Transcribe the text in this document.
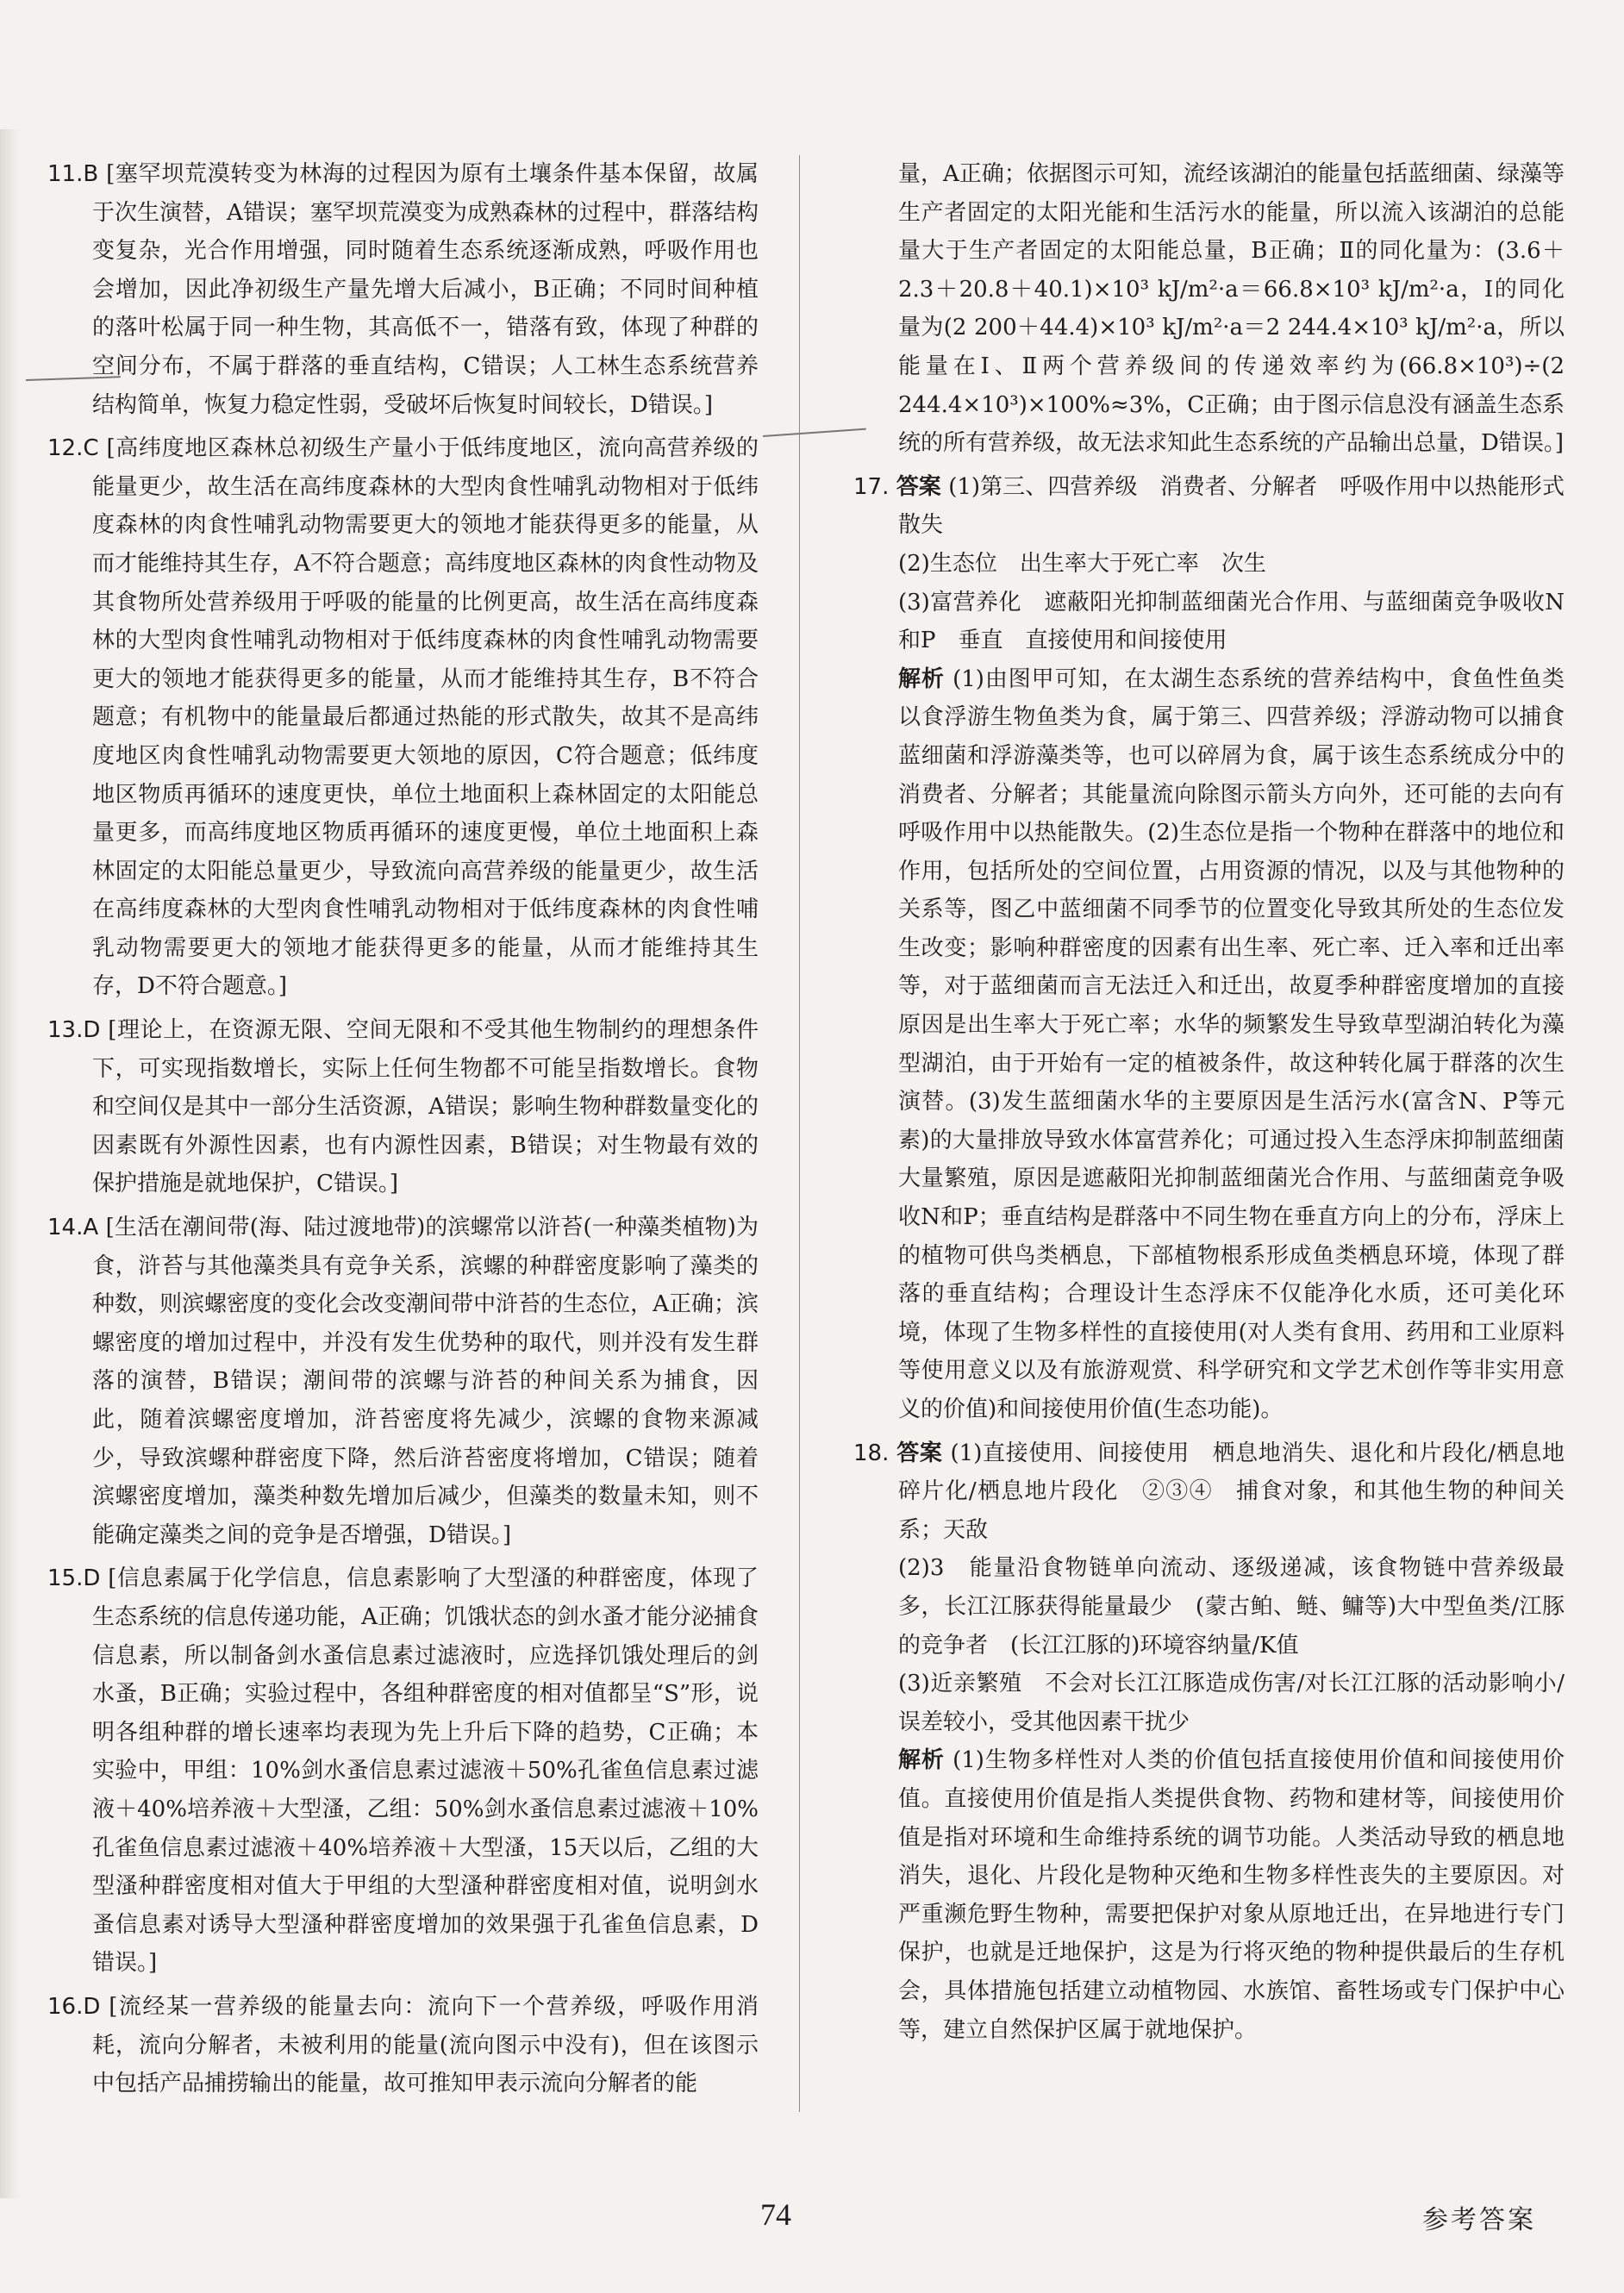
11.B [塞罕坝荒漠转变为林海的过程因为原有土壤条件基本保留，故属于次生演替，A错误；塞罕坝荒漠变为成熟森林的过程中，群落结构变复杂，光合作用增强，同时随着生态系统逐渐成熟，呼吸作用也会增加，因此净初级生产量先增大后减小，B正确；不同时间种植的落叶松属于同一种生物，其高低不一，错落有致，体现了种群的空间分布，不属于群落的垂直结构，C错误；人工林生态系统营养结构简单，恢复力稳定性弱，受破坏后恢复时间较长，D错误。]
12.C [高纬度地区森林总初级生产量小于低纬度地区，流向高营养级的能量更少，故生活在高纬度森林的大型肉食性哺乳动物相对于低纬度森林的肉食性哺乳动物需要更大的领地才能获得更多的能量，从而才能维持其生存，A不符合题意；高纬度地区森林的肉食性动物及其食物所处营养级用于呼吸的能量的比例更高，故生活在高纬度森林的大型肉食性哺乳动物相对于低纬度森林的肉食性哺乳动物需要更大的领地才能获得更多的能量，从而才能维持其生存，B不符合题意；有机物中的能量最后都通过热能的形式散失，故其不是高纬度地区肉食性哺乳动物需要更大领地的原因，C符合题意；低纬度地区物质再循环的速度更快，单位土地面积上森林固定的太阳能总量更多，而高纬度地区物质再循环的速度更慢，单位土地面积上森林固定的太阳能总量更少，导致流向高营养级的能量更少，故生活在高纬度森林的大型肉食性哺乳动物相对于低纬度森林的肉食性哺乳动物需要更大的领地才能获得更多的能量，从而才能维持其生存，D不符合题意。]
13.D [理论上，在资源无限、空间无限和不受其他生物制约的理想条件下，可实现指数增长，实际上任何生物都不可能呈指数增长。食物和空间仅是其中一部分生活资源，A错误；影响生物种群数量变化的因素既有外源性因素，也有内源性因素，B错误；对生物最有效的保护措施是就地保护，C错误。]
14.A [生活在潮间带(海、陆过渡地带)的滨螺常以浒苔(一种藻类植物)为食，浒苔与其他藻类具有竞争关系，滨螺的种群密度影响了藻类的种数，则滨螺密度的变化会改变潮间带中浒苔的生态位，A正确；滨螺密度的增加过程中，并没有发生优势种的取代，则并没有发生群落的演替，B错误；潮间带的滨螺与浒苔的种间关系为捕食，因此，随着滨螺密度增加，浒苔密度将先减少，滨螺的食物来源减少，导致滨螺种群密度下降，然后浒苔密度将增加，C错误；随着滨螺密度增加，藻类种数先增加后减少，但藻类的数量未知，则不能确定藻类之间的竞争是否增强，D错误。]
15.D [信息素属于化学信息，信息素影响了大型溞的种群密度，体现了生态系统的信息传递功能，A正确；饥饿状态的剑水蚤才能分泌捕食信息素，所以制备剑水蚤信息素过滤液时，应选择饥饿处理后的剑水蚤，B正确；实验过程中，各组种群密度的相对值都呈“S”形，说明各组种群的增长速率均表现为先上升后下降的趋势，C正确；本实验中，甲组：10%剑水蚤信息素过滤液＋50%孔雀鱼信息素过滤液＋40%培养液＋大型溞，乙组：50%剑水蚤信息素过滤液＋10%孔雀鱼信息素过滤液＋40%培养液＋大型溞，15天以后，乙组的大型溞种群密度相对值大于甲组的大型溞种群密度相对值，说明剑水蚤信息素对诱导大型溞种群密度增加的效果强于孔雀鱼信息素，D错误。]
16.D [流经某一营养级的能量去向：流向下一个营养级，呼吸作用消耗，流向分解者，未被利用的能量(流向图示中没有)，但在该图示中包括产品捕捞输出的能量，故可推知甲表示流向分解者的能
量，A正确；依据图示可知，流经该湖泊的能量包括蓝细菌、绿藻等生产者固定的太阳光能和生活污水的能量，所以流入该湖泊的总能量大于生产者固定的太阳能总量，B正确；Ⅱ的同化量为：(3.6＋2.3＋20.8＋40.1)×10³ kJ/m²·a＝66.8×10³ kJ/m²·a，Ⅰ的同化量为(2 200＋44.4)×10³ kJ/m²·a＝2 244.4×10³ kJ/m²·a，所以能量在Ⅰ、Ⅱ两个营养级间的传递效率约为(66.8×10³)÷(2 244.4×10³)×100%≈3%，C正确；由于图示信息没有涵盖生态系统的所有营养级，故无法求知此生态系统的产品输出总量，D错误。]
17. 答案 (1)第三、四营养级　消费者、分解者　呼吸作用中以热能形式散失

(2)生态位　出生率大于死亡率　次生

(3)富营养化　遮蔽阳光抑制蓝细菌光合作用、与蓝细菌竞争吸收N和P　垂直　直接使用和间接使用

解析 (1)由图甲可知，在太湖生态系统的营养结构中，食鱼性鱼类以食浮游生物鱼类为食，属于第三、四营养级；浮游动物可以捕食蓝细菌和浮游藻类等，也可以碎屑为食，属于该生态系统成分中的消费者、分解者；其能量流向除图示箭头方向外，还可能的去向有呼吸作用中以热能散失。(2)生态位是指一个物种在群落中的地位和作用，包括所处的空间位置，占用资源的情况，以及与其他物种的关系等，图乙中蓝细菌不同季节的位置变化导致其所处的生态位发生改变；影响种群密度的因素有出生率、死亡率、迁入率和迁出率等，对于蓝细菌而言无法迁入和迁出，故夏季种群密度增加的直接原因是出生率大于死亡率；水华的频繁发生导致草型湖泊转化为藻型湖泊，由于开始有一定的植被条件，故这种转化属于群落的次生演替。(3)发生蓝细菌水华的主要原因是生活污水(富含N、P等元素)的大量排放导致水体富营养化；可通过投入生态浮床抑制蓝细菌大量繁殖，原因是遮蔽阳光抑制蓝细菌光合作用、与蓝细菌竞争吸收N和P；垂直结构是群落中不同生物在垂直方向上的分布，浮床上的植物可供鸟类栖息，下部植物根系形成鱼类栖息环境，体现了群落的垂直结构；合理设计生态浮床不仅能净化水质，还可美化环境，体现了生物多样性的直接使用(对人类有食用、药用和工业原料等使用意义以及有旅游观赏、科学研究和文学艺术创作等非实用意义的价值)和间接使用价值(生态功能)。

18. 答案 (1)直接使用、间接使用　栖息地消失、退化和片段化/栖息地碎片化/栖息地片段化　②③④　捕食对象，和其他生物的种间关系；天敌

(2)3　能量沿食物链单向流动、逐级递减，该食物链中营养级最多，长江江豚获得能量最少　(蒙古鲌、鲢、鳙等)大中型鱼类/江豚的竞争者　(长江江豚的)环境容纳量/K值

(3)近亲繁殖　不会对长江江豚造成伤害/对长江江豚的活动影响小/误差较小，受其他因素干扰少

解析 (1)生物多样性对人类的价值包括直接使用价值和间接使用价值。直接使用价值是指人类提供食物、药物和建材等，间接使用价值是指对环境和生命维持系统的调节功能。人类活动导致的栖息地消失，退化、片段化是物种灭绝和生物多样性丧失的主要原因。对严重濒危野生物种，需要把保护对象从原地迁出，在异地进行专门保护，也就是迁地保护，这是为行将灭绝的物种提供最后的生存机会，具体措施包括建立动植物园、水族馆、畜牲场或专门保护中心等，建立自然保护区属于就地保护。

74	参考答案
